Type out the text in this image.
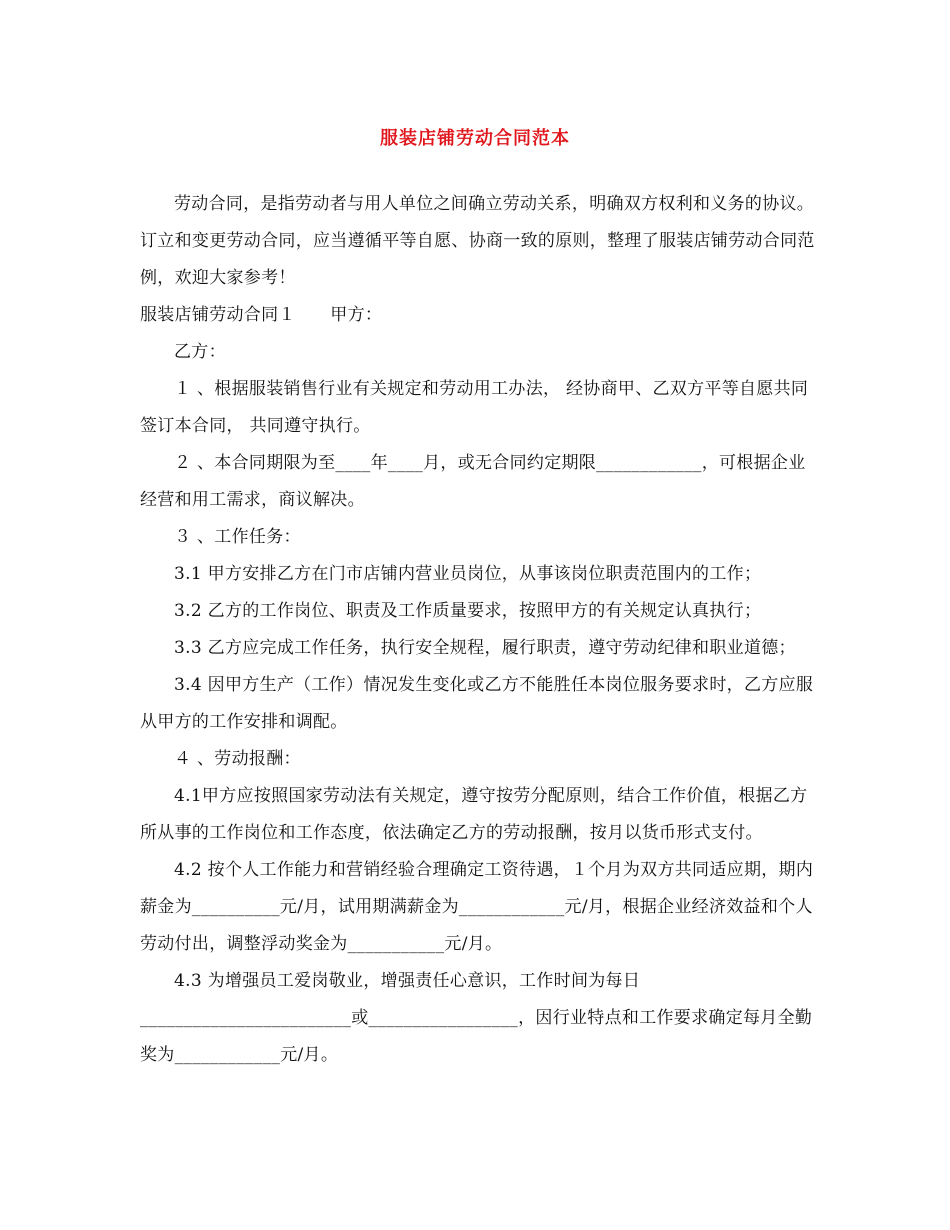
服装店铺劳动合同范本

劳动合同，是指劳动者与用人单位之间确立劳动关系，明确双方权利和义务的协议。订立和变更劳动合同，应当遵循平等自愿、协商一致的原则，整理了服装店铺劳动合同范例，欢迎大家参考！

服装店铺劳动合同１　　甲方：

乙方：

１ 、根据服装销售行业有关规定和劳动用工办法， 经协商甲、乙双方平等自愿共同签订本合同， 共同遵守执行。

２ 、本合同期限为至____年____月，或无合同约定期限____________，可根据企业经营和用工需求，商议解决。

３ 、工作任务：

3.1 甲方安排乙方在门市店铺内营业员岗位，从事该岗位职责范围内的工作；

3.2 乙方的工作岗位、职责及工作质量要求，按照甲方的有关规定认真执行；

3.3 乙方应完成工作任务，执行安全规程，履行职责，遵守劳动纪律和职业道德；

3.4 因甲方生产（工作）情况发生变化或乙方不能胜任本岗位服务要求时，乙方应服从甲方的工作安排和调配。

４ 、劳动报酬：

4.1甲方应按照国家劳动法有关规定，遵守按劳分配原则，结合工作价值，根据乙方所从事的工作岗位和工作态度，依法确定乙方的劳动报酬，按月以货币形式支付。

4.2 按个人工作能力和营销经验合理确定工资待遇，１个月为双方共同适应期，期内薪金为__________元/月，试用期满薪金为____________元/月，根据企业经济效益和个人劳动付出，调整浮动奖金为___________元/月。

4.3 为增强员工爱岗敬业，增强责任心意识，工作时间为每日________________________或_________________，因行业特点和工作要求确定每月全勤奖为____________元/月。
